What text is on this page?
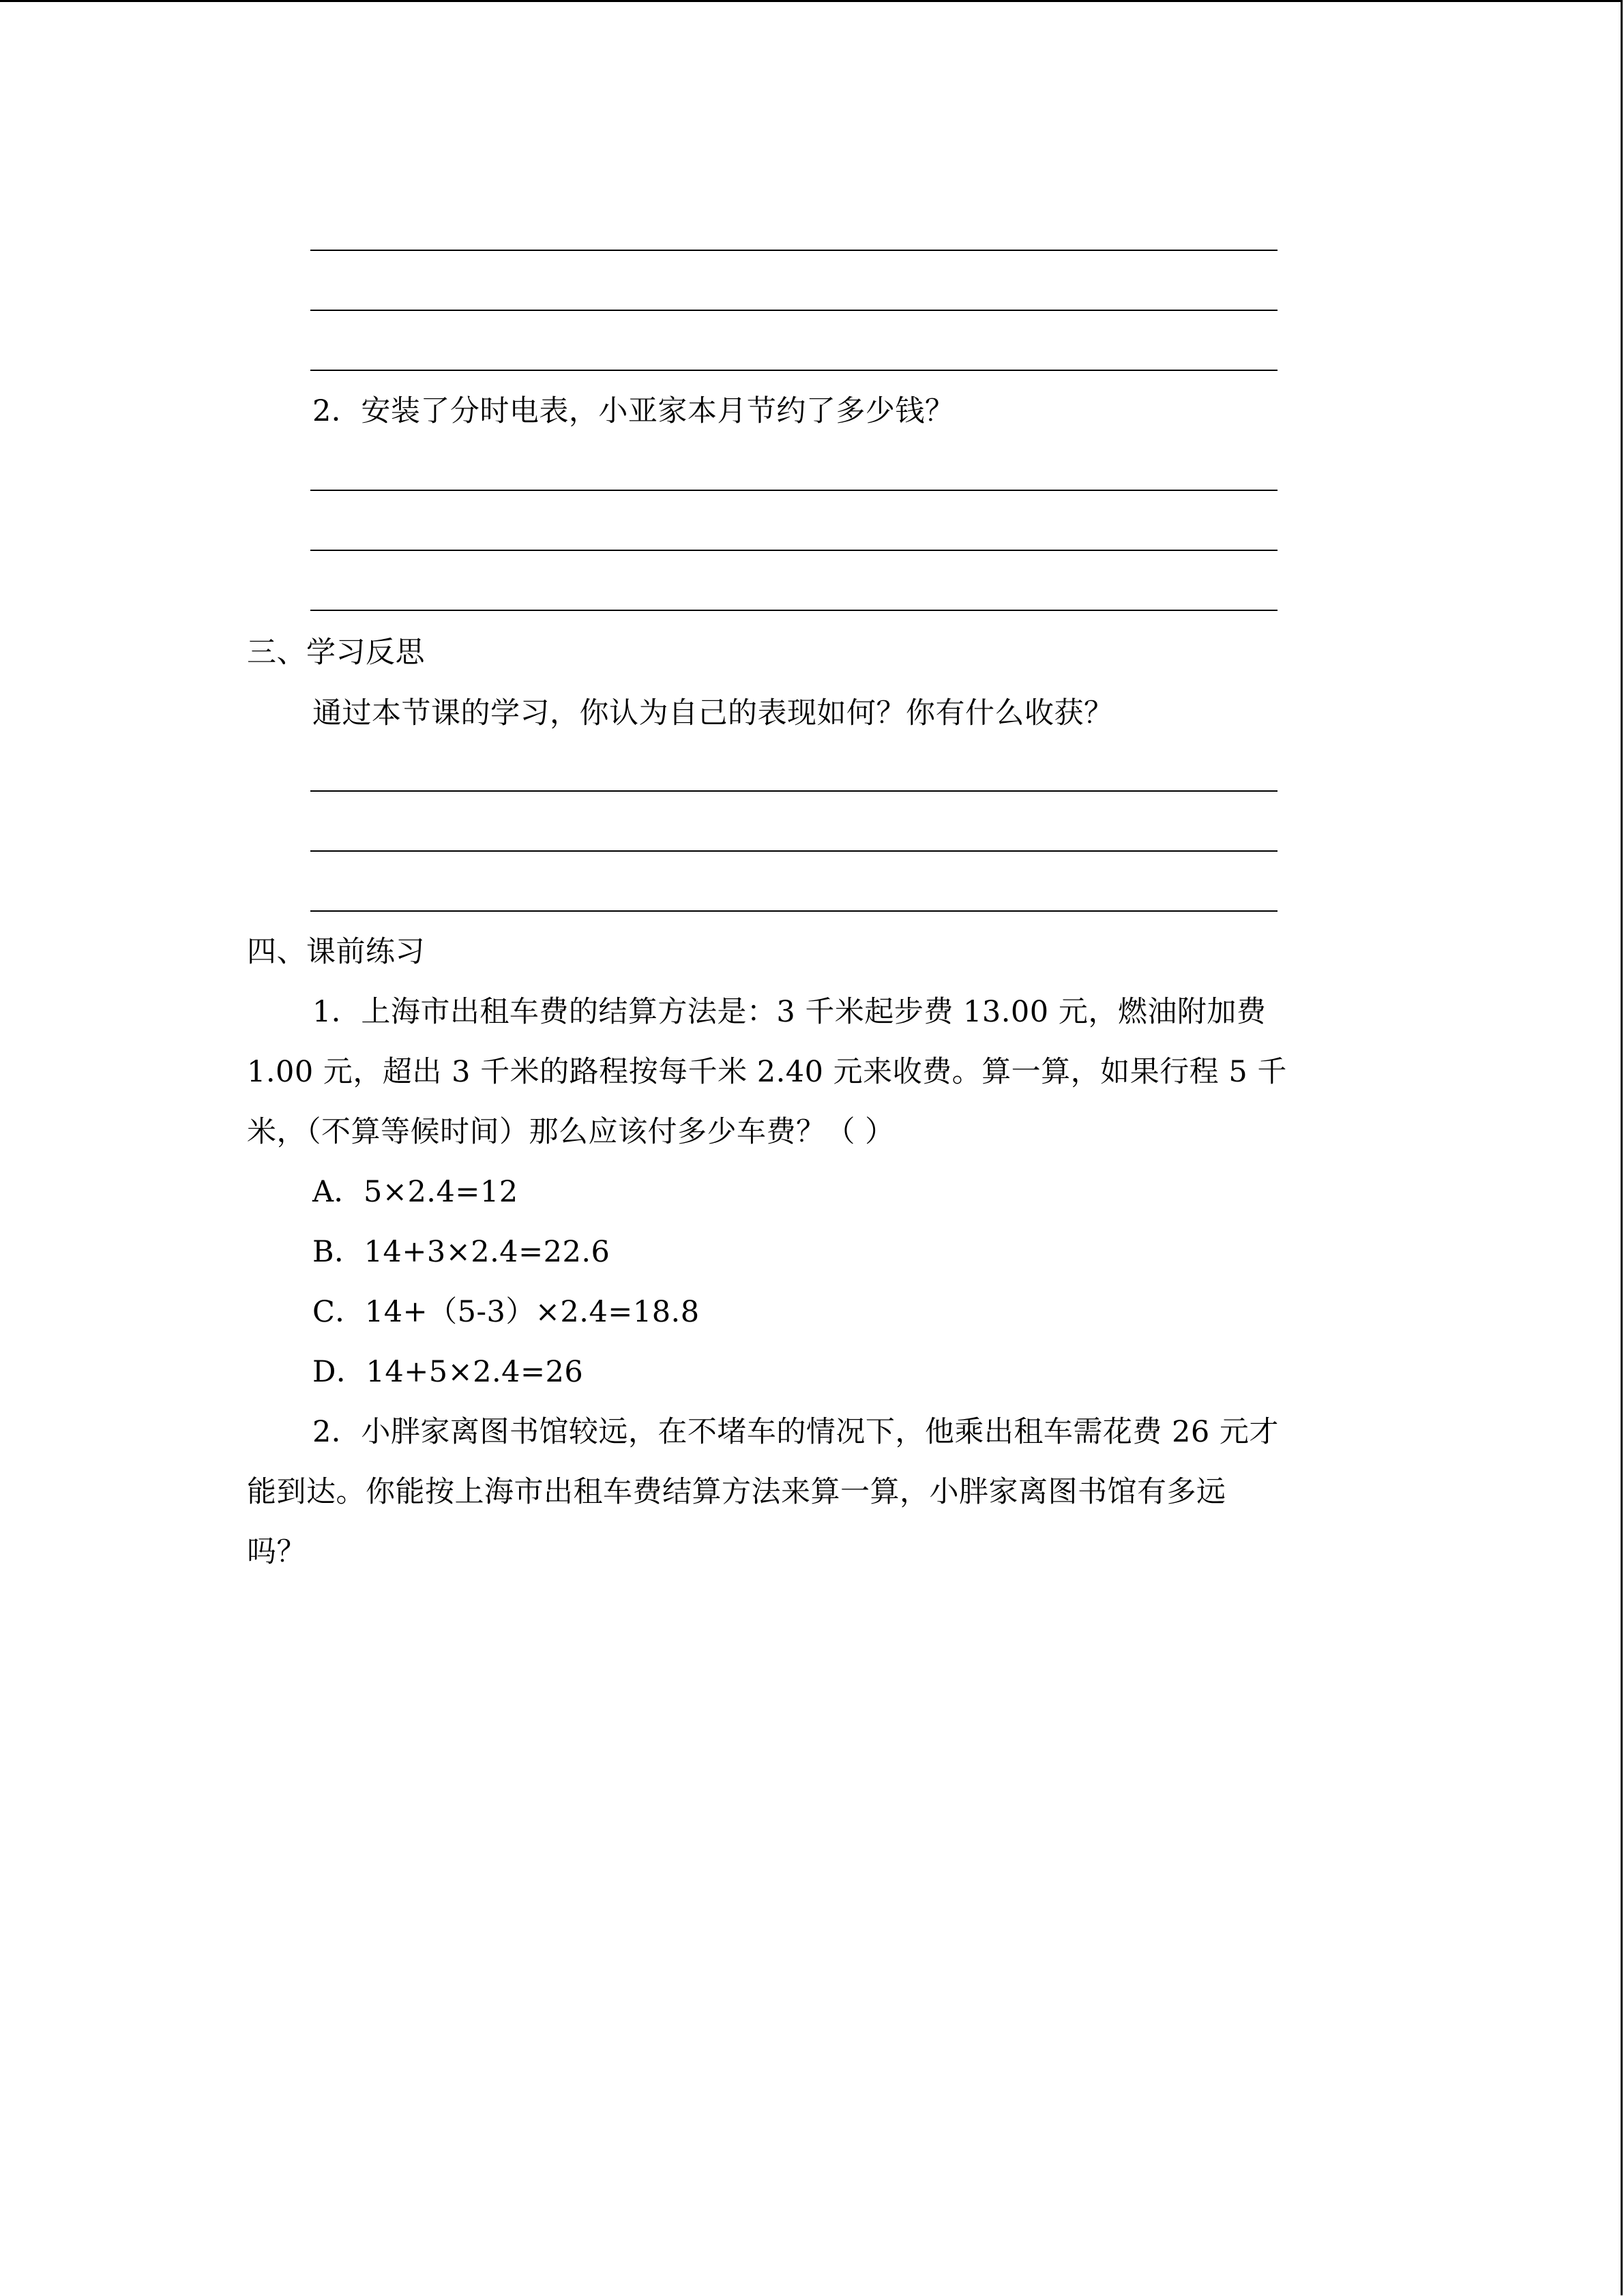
2．安装了分时电表，小亚家本月节约了多少钱？
三、学习反思
通过本节课的学习，你认为自己的表现如何？你有什么收获？
四、课前练习
1．上海市出租车费的结算方法是：3 千米起步费 13.00 元，燃油附加费
1.00 元，超出 3 千米的路程按每千米 2.40 元来收费。算一算，如果行程 5 千
米，（不算等候时间）那么应该付多少车费？（ ）
A．5×2.4=12
B．14+3×2.4=22.6
C．14+（5-3）×2.4=18.8
D．14+5×2.4=26
2．小胖家离图书馆较远，在不堵车的情况下，他乘出租车需花费 26 元才
能到达。你能按上海市出租车费结算方法来算一算，小胖家离图书馆有多远
吗？
